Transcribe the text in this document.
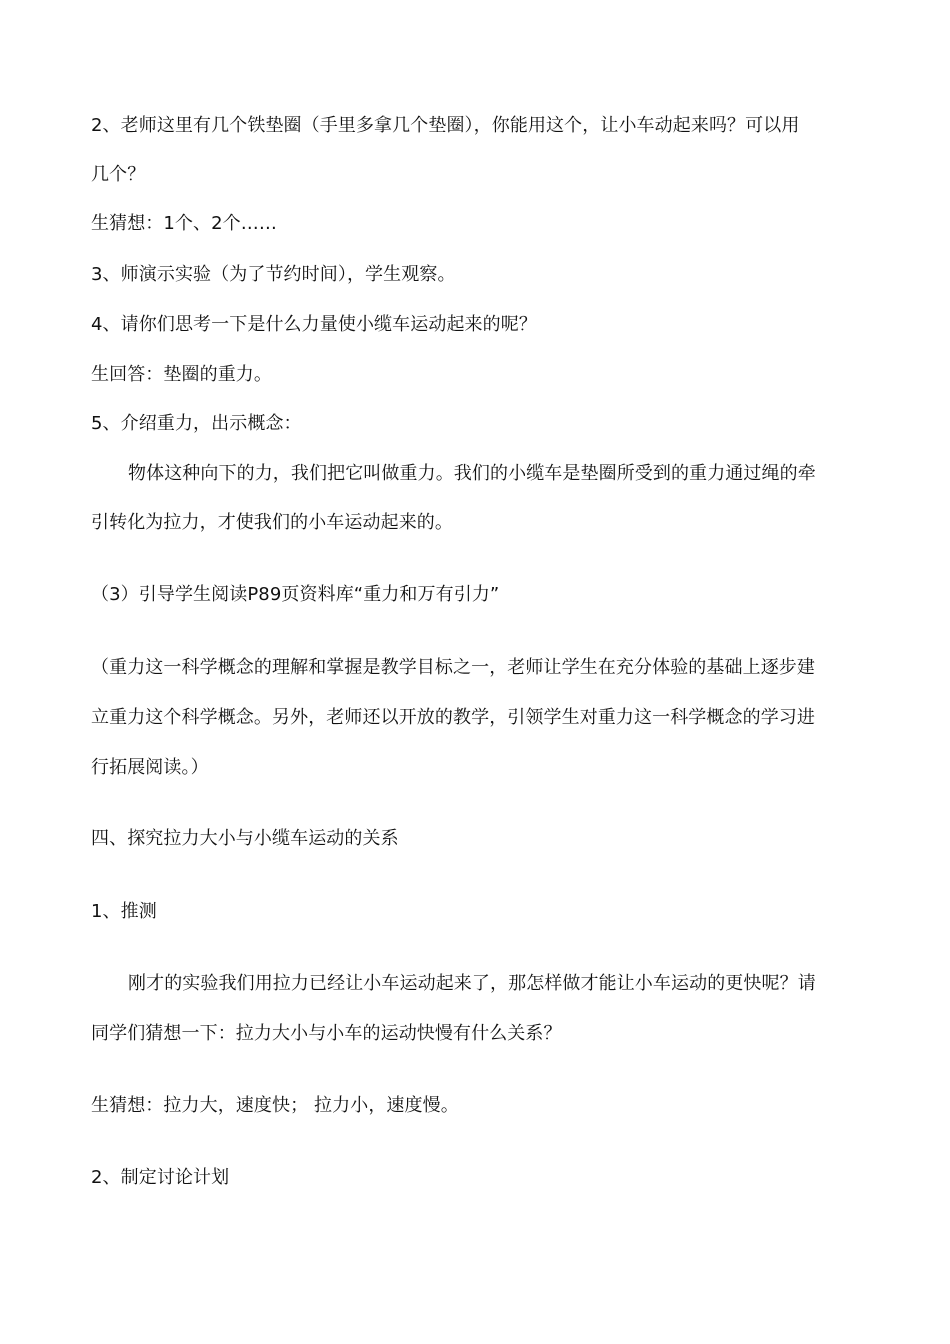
2、老师这里有几个铁垫圈（手里多拿几个垫圈），你能用这个，让小车动起来吗？可以用
几个？
生猜想：1个、2个……
3、师演示实验（为了节约时间），学生观察。
4、请你们思考一下是什么力量使小缆车运动起来的呢？
生回答：垫圈的重力。
5、介绍重力，出示概念：
物体这种向下的力，我们把它叫做重力。我们的小缆车是垫圈所受到的重力通过绳的牵
引转化为拉力，才使我们的小车运动起来的。
（3）引导学生阅读P89页资料库“重力和万有引力”
（重力这一科学概念的理解和掌握是教学目标之一，老师让学生在充分体验的基础上逐步建
立重力这个科学概念。另外，老师还以开放的教学，引领学生对重力这一科学概念的学习进
行拓展阅读。）
四、探究拉力大小与小缆车运动的关系
1、推测
刚才的实验我们用拉力已经让小车运动起来了，那怎样做才能让小车运动的更快呢？请
同学们猜想一下：拉力大小与小车的运动快慢有什么关系？
生猜想：拉力大，速度快； 拉力小，速度慢。
2、制定讨论计划
